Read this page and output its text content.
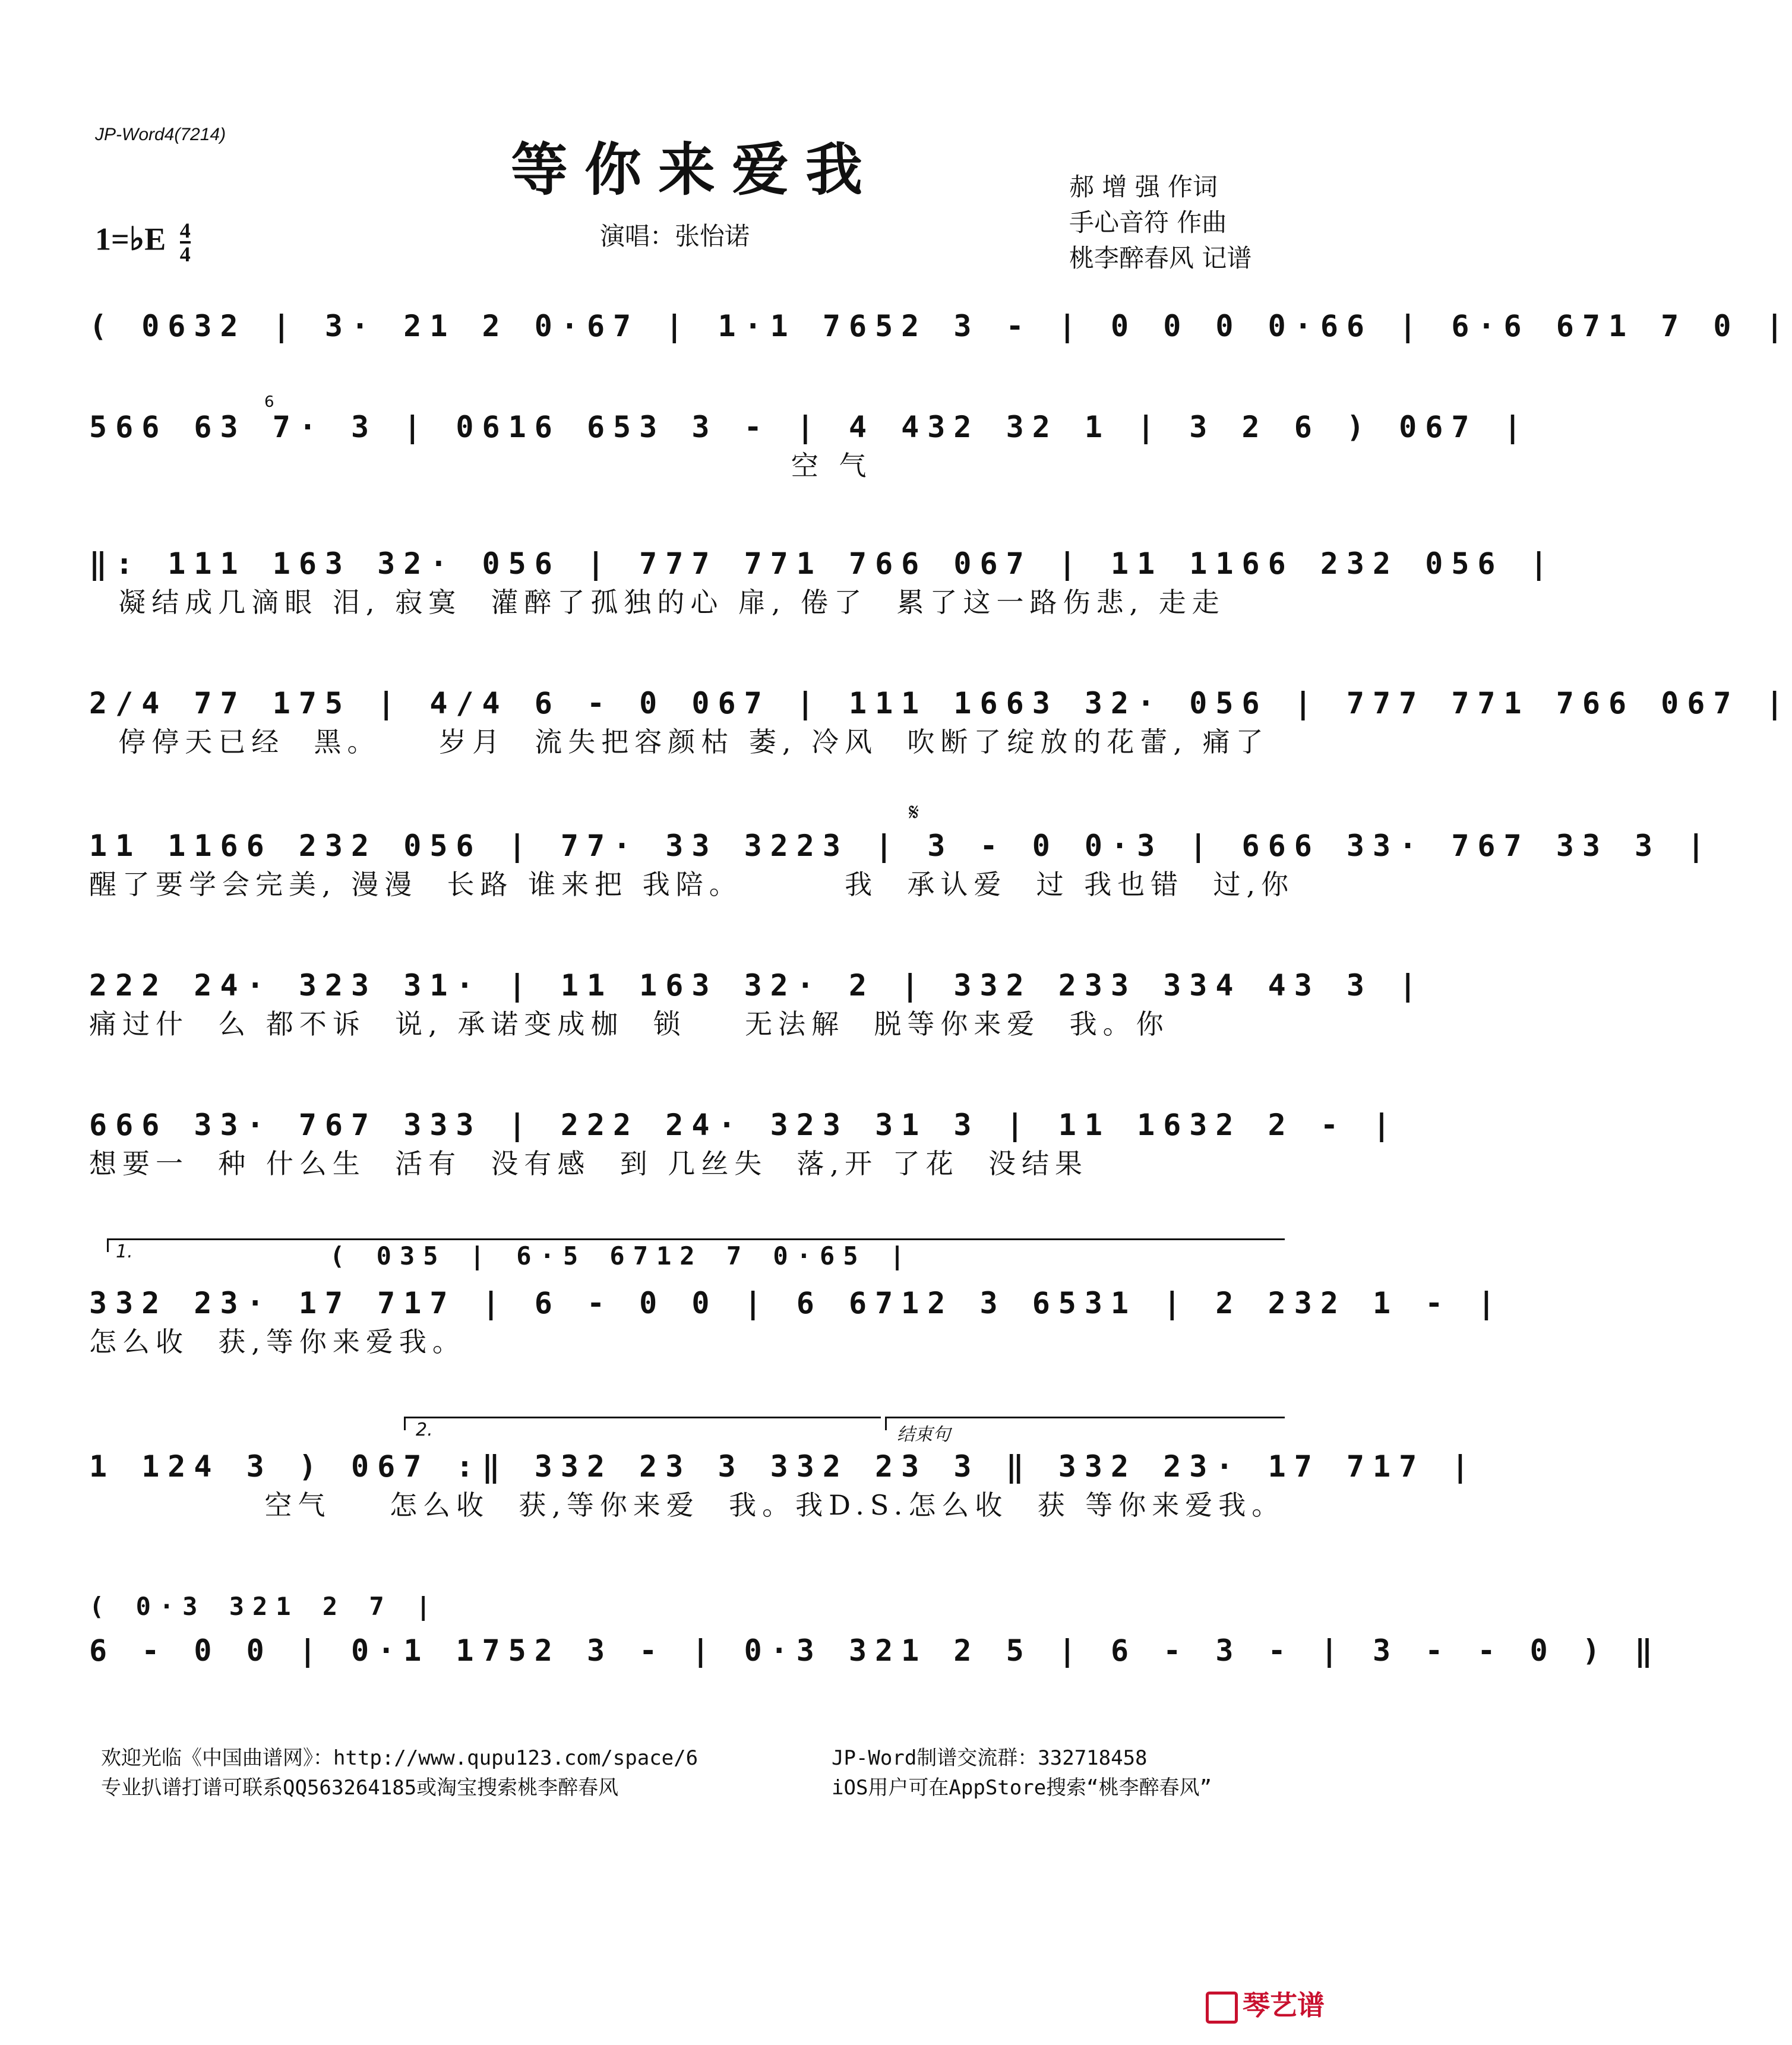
JP-Word4(7214)
等你来爱我
演唱：张怡诺
郝 增 强 作词
手心音符 作曲
桃李醉春风 记谱
1=♭E $\frac{4}{4}$
( 0632 | 3· 21 2 0·67 | 1·1 7652 3 - | 0 0 0 0·66 | 6·6 671 7 0 |
6
566 63 7· 3 | 0616 653 3 - | 4 432 32 1 | 3 2 6 ) 067 |
空 气
‖: 111 163 32· 056 | 777 771 766 067 | 11 1166 232 056 |
凝结成几滴眼 泪, 寂寞  灌醉了孤独的心 扉, 倦了  累了这一路伤悲, 走走
2/4 77 175 | 4/4 6 - 0 067 | 111 1663 32· 056 | 777 771 766 067 |
停停天已经  黑。    岁月  流失把容颜枯 萎, 冷风  吹断了绽放的花蕾, 痛了
𝄋
11 1166 232 056 | 77· 33 3223 | 3 - 0 0·3 | 666 33· 767 33 3 |
醒了要学会完美, 漫漫  长路 谁来把 我陪。       我  承认爱  过 我也错  过,你
222 24· 323 31· | 11 163 32· 2 | 332 233 334 43 3 |
痛过什  么 都不诉  说, 承诺变成枷  锁    无法解  脱等你来爱  我。你
666 33· 767 333 | 222 24· 323 31 3 | 11 1632 2 - |
想要一  种 什么生  活有  没有感  到 几丝失  落,开 了花  没结果
1.	( 035 | 6·5 6712 7 0·65 |
332 23· 17 717 | 6 - 0 0 | 6 6712 3 6531 | 2 232 1 - |
怎么收  获,等你来爱我。
2.	结束句
1 124 3 ) 067 :‖ 332 23 3 332 23 3 ‖ 332 23· 17 717 |
空气    怎么收  获,等你来爱  我。我D.S.怎么收  获 等你来爱我。
( 0·3 321 2 7 |
6 - 0 0 | 0·1 1752 3 - | 0·3 321 2 5 | 6 - 3 - | 3 - - 0 ) ‖
欢迎光临《中国曲谱网》：http://www.qupu123.com/space/6
专业扒谱打谱可联系QQ563264185或淘宝搜索桃李醉春风
JP-Word制谱交流群：332718458
iOS用户可在AppStore搜索“桃李醉春风”
琴艺谱
